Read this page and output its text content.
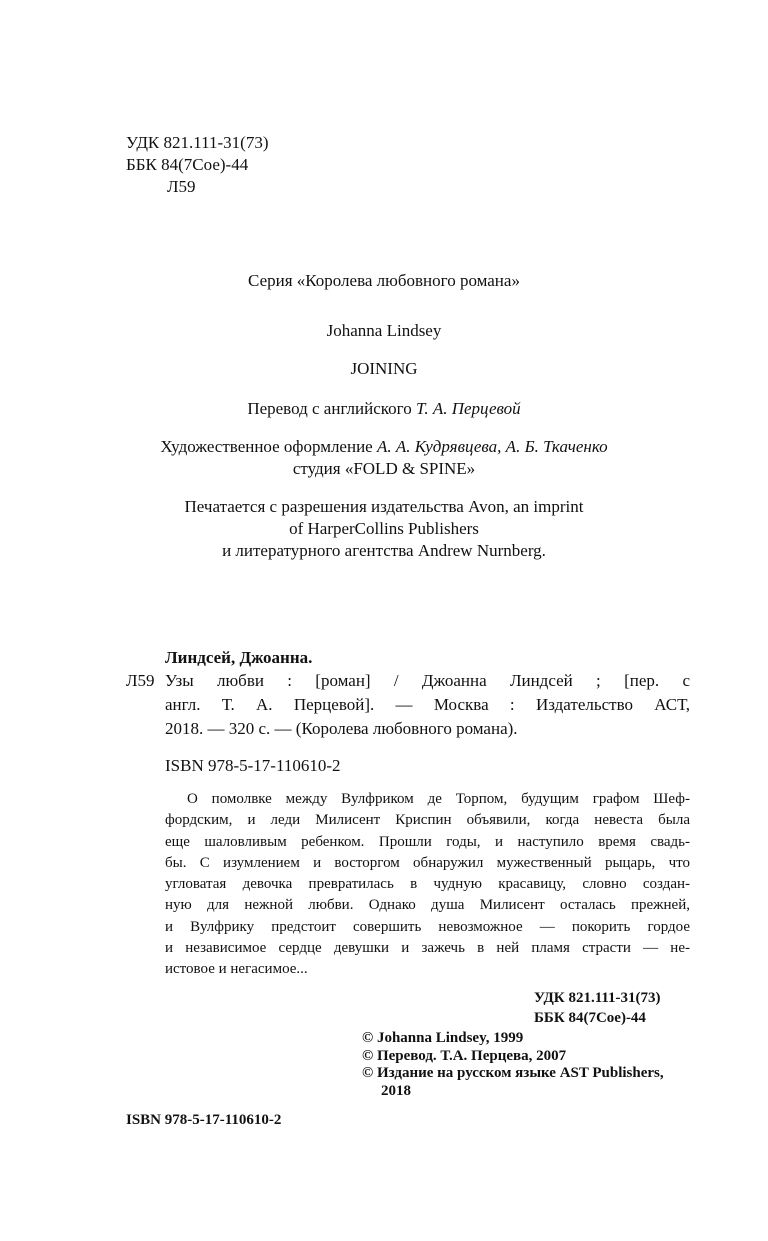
УДК 821.111-31(73)
ББК 84(7Сое)-44
Л59
Серия «Королева любовного романа»
Johanna Lindsey
JOINING
Перевод с английского Т. А. Перцевой
Художественное оформление А. А. Кудрявцева, А. Б. Ткаченко
студия «FOLD & SPINE»
Печатается с разрешения издательства Avon, an imprint
of HarperCollins Publishers
и литературного агентства Andrew Nurnberg.
Линдсей, Джоанна.
Л59 Узы любви : [роман] / Джоанна Линдсей ; [пер. с
англ. Т. А. Перцевой]. — Москва : Издательство АСТ,
2018. — 320 с. — (Королева любовного романа).
ISBN 978-5-17-110610-2
О помолвке между Вулфриком де Торпом, будущим графом Шеф-
фордским, и леди Милисент Криспин объявили, когда невеста была
еще шаловливым ребенком. Прошли годы, и наступило время свадь-
бы. С изумлением и восторгом обнаружил мужественный рыцарь, что
угловатая девочка превратилась в чудную красавицу, словно создан-
ную для нежной любви. Однако душа Милисент осталась прежней,
и Вулфрику предстоит совершить невозможное — покорить гордое
и независимое сердце девушки и зажечь в ней пламя страсти — не-
истовое и негасимое...
УДК 821.111-31(73)
ББК 84(7Сое)-44
© Johanna Lindsey, 1999
© Перевод. Т.А. Перцева, 2007
© Издание на русском языке AST Publishers,
2018
ISBN 978-5-17-110610-2
